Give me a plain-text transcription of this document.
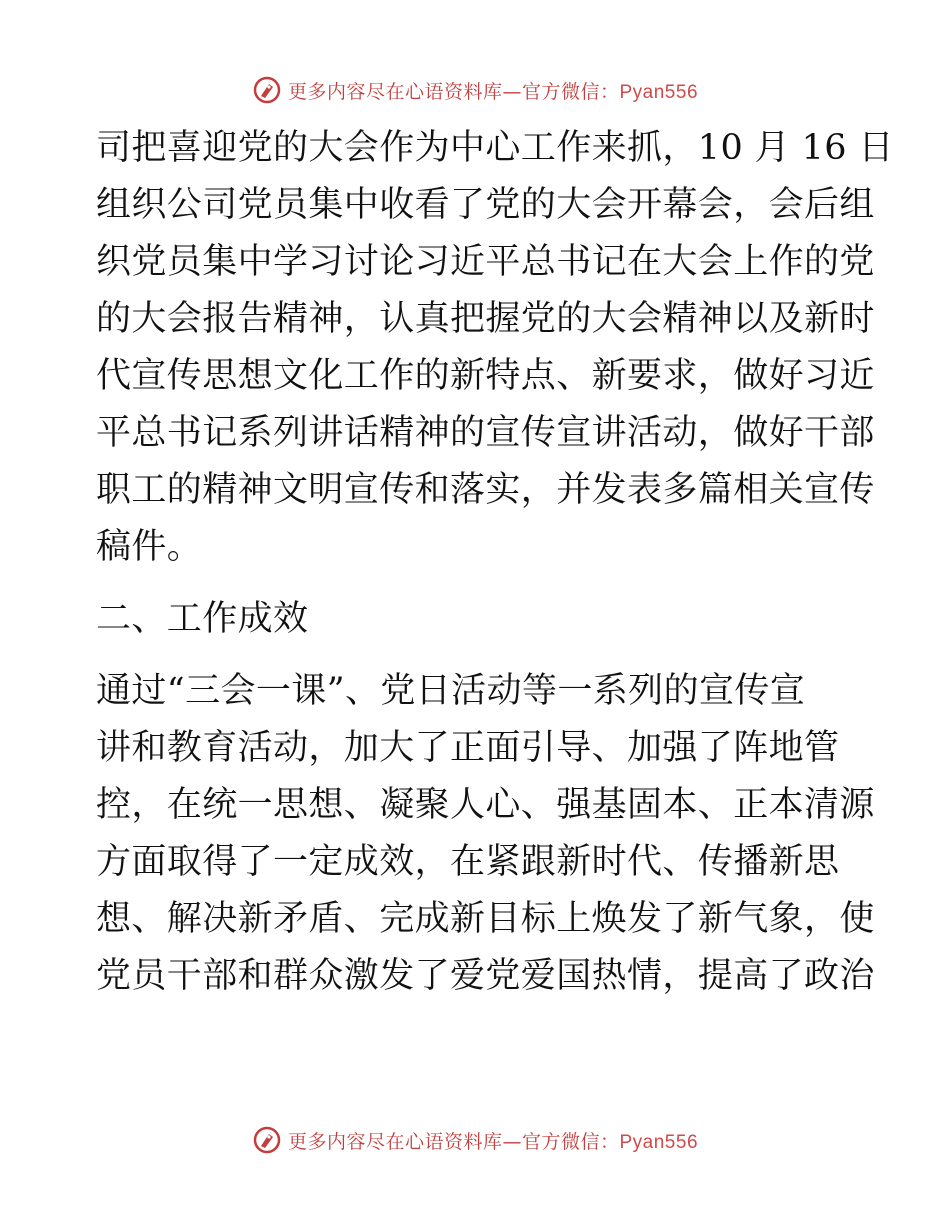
更多内容尽在心语资料库—官方微信：Pyan556
司把喜迎党的大会作为中心工作来抓，10 月 16 日
组织公司党员集中收看了党的大会开幕会，会后组
织党员集中学习讨论习近平总书记在大会上作的党
的大会报告精神，认真把握党的大会精神以及新时
代宣传思想文化工作的新特点、新要求，做好习近
平总书记系列讲话精神的宣传宣讲活动，做好干部
职工的精神文明宣传和落实，并发表多篇相关宣传
稿件。
二、工作成效
通过“三会一课”、党日活动等一系列的宣传宣
讲和教育活动，加大了正面引导、加强了阵地管
控，在统一思想、凝聚人心、强基固本、正本清源
方面取得了一定成效，在紧跟新时代、传播新思
想、解决新矛盾、完成新目标上焕发了新气象，使
党员干部和群众激发了爱党爱国热情，提高了政治
更多内容尽在心语资料库—官方微信：Pyan556
